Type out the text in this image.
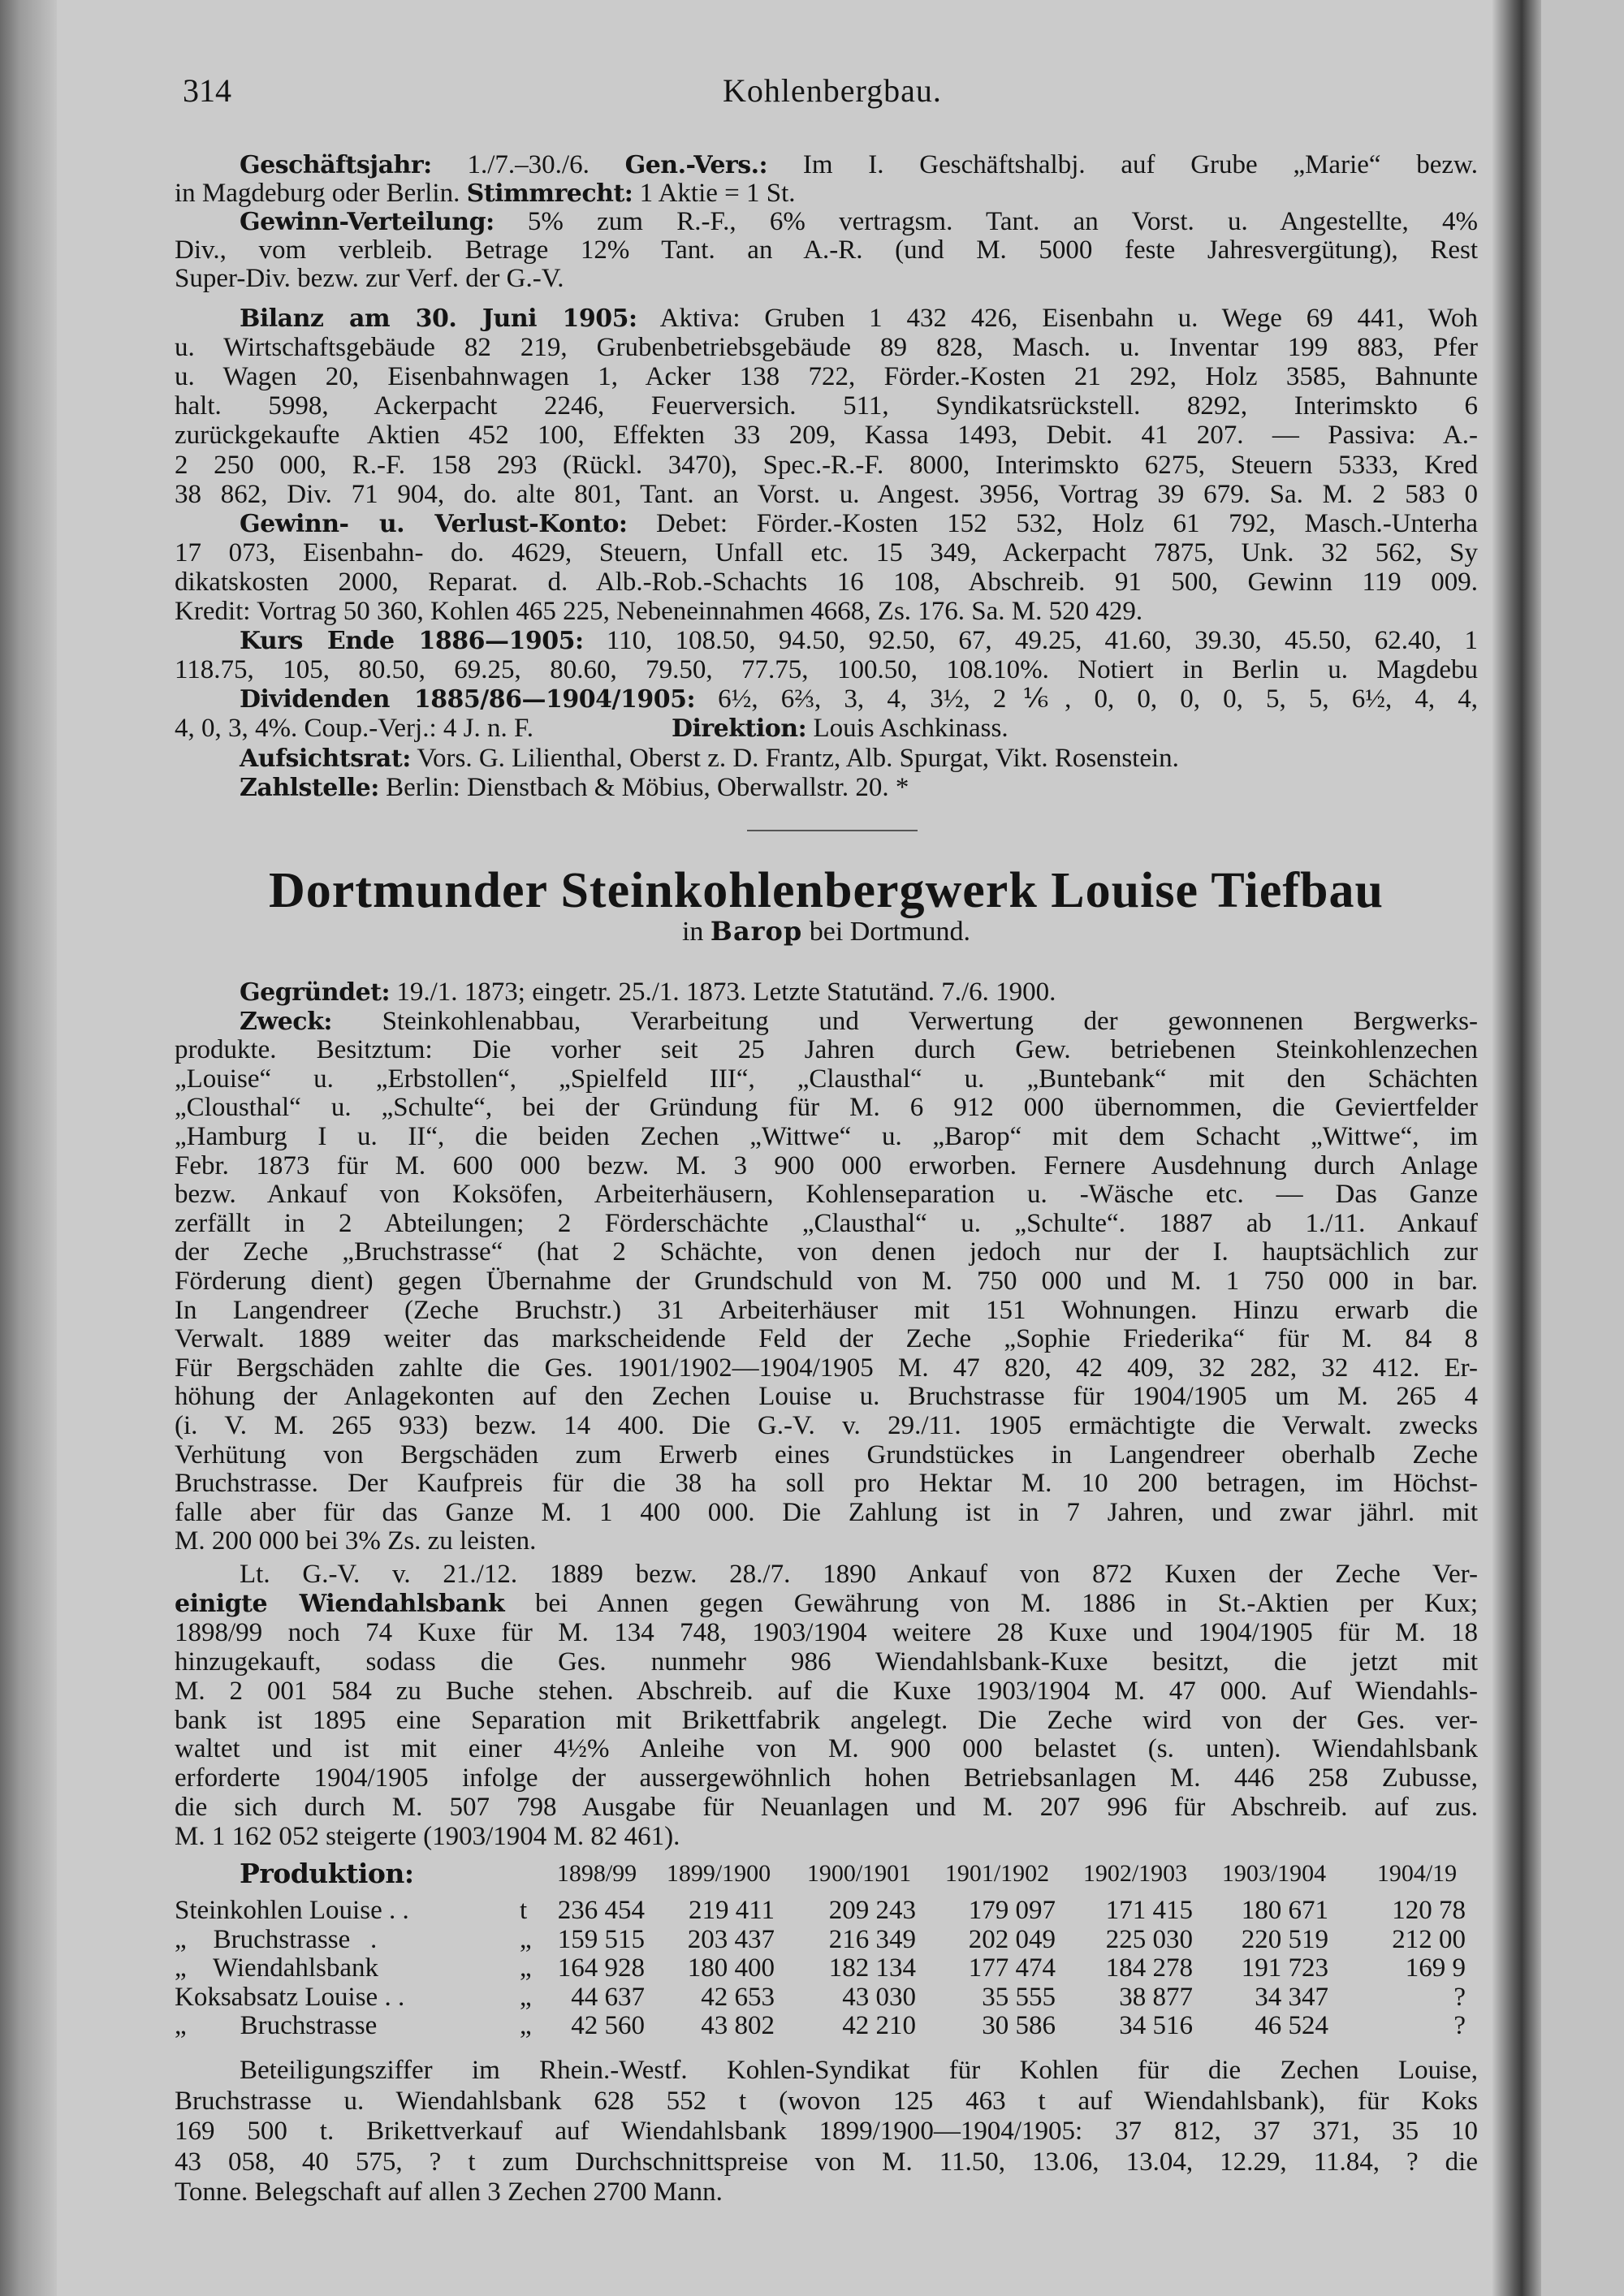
314	Kohlenbergbau.
Geschäftsjahr: 1./7.–30./6. Gen.-Vers.: Im I. Geschäftshalbj. auf Grube „Marie“ bezw.
in Magdeburg oder Berlin. Stimmrecht: 1 Aktie = 1 St.
Gewinn-Verteilung: 5% zum R.-F., 6% vertragsm. Tant. an Vorst. u. Angestellte, 4%
Div., vom verbleib. Betrage 12% Tant. an A.-R. (und M. 5000 feste Jahresvergütung), Rest
Super-Div. bezw. zur Verf. der G.-V.
Bilanz am 30. Juni 1905: Aktiva: Gruben 1 432 426, Eisenbahn u. Wege 69 441, Woh
u. Wirtschaftsgebäude 82 219, Grubenbetriebsgebäude 89 828, Masch. u. Inventar 199 883, Pfer
u. Wagen 20, Eisenbahnwagen 1, Acker 138 722, Förder.-Kosten 21 292, Holz 3585, Bahnunte
halt. 5998, Ackerpacht 2246, Feuerversich. 511, Syndikatsrückstell. 8292, Interimskto 6
zurückgekaufte Aktien 452 100, Effekten 33 209, Kassa 1493, Debit. 41 207. — Passiva: A.-
2 250 000, R.-F. 158 293 (Rückl. 3470), Spec.-R.-F. 8000, Interimskto 6275, Steuern 5333, Kred
38 862, Div. 71 904, do. alte 801, Tant. an Vorst. u. Angest. 3956, Vortrag 39 679. Sa. M. 2 583 0
Gewinn- u. Verlust-Konto: Debet: Förder.-Kosten 152 532, Holz 61 792, Masch.-Unterha
17 073, Eisenbahn- do. 4629, Steuern, Unfall etc. 15 349, Ackerpacht 7875, Unk. 32 562, Sy
dikatskosten 2000, Reparat. d. Alb.-Rob.-Schachts 16 108, Abschreib. 91 500, Gewinn 119 009.
Kredit: Vortrag 50 360, Kohlen 465 225, Nebeneinnahmen 4668, Zs. 176. Sa. M. 520 429.
Kurs Ende 1886—1905: 110, 108.50, 94.50, 92.50, 67, 49.25, 41.60, 39.30, 45.50, 62.40, 1
118.75, 105, 80.50, 69.25, 80.60, 79.50, 77.75, 100.50, 108.10%. Notiert in Berlin u. Magdebu
Dividenden 1885/86—1904/1905: 6½, 6⅔, 3, 4, 3½, 2⅙, 0, 0, 0, 0, 5, 5, 6½, 4, 4,
4, 0, 3, 4%. Coup.-Verj.: 4 J. n. F.	Direktion: Louis Aschkinass.
Aufsichtsrat: Vors. G. Lilienthal, Oberst z. D. Frantz, Alb. Spurgat, Vikt. Rosenstein.
Zahlstelle: Berlin: Dienstbach & Möbius, Oberwallstr. 20. *
Dortmunder Steinkohlenbergwerk Louise Tiefbau
in Barop bei Dortmund.
Gegründet: 19./1. 1873; eingetr. 25./1. 1873. Letzte Statutänd. 7./6. 1900.
Zweck: Steinkohlenabbau, Verarbeitung und Verwertung der gewonnenen Bergwerks-
produkte. Besitztum: Die vorher seit 25 Jahren durch Gew. betriebenen Steinkohlenzechen
„Louise“ u. „Erbstollen“, „Spielfeld III“, „Clausthal“ u. „Buntebank“ mit den Schächten
„Clousthal“ u. „Schulte“, bei der Gründung für M. 6 912 000 übernommen, die Geviertfelder
„Hamburg I u. II“, die beiden Zechen „Wittwe“ u. „Barop“ mit dem Schacht „Wittwe“, im
Febr. 1873 für M. 600 000 bezw. M. 3 900 000 erworben. Fernere Ausdehnung durch Anlage
bezw. Ankauf von Koksöfen, Arbeiterhäusern, Kohlenseparation u. -Wäsche etc. — Das Ganze
zerfällt in 2 Abteilungen; 2 Förderschächte „Clausthal“ u. „Schulte“. 1887 ab 1./11. Ankauf
der Zeche „Bruchstrasse“ (hat 2 Schächte, von denen jedoch nur der I. hauptsächlich zur
Förderung dient) gegen Übernahme der Grundschuld von M. 750 000 und M. 1 750 000 in bar.
In Langendreer (Zeche Bruchstr.) 31 Arbeiterhäuser mit 151 Wohnungen. Hinzu erwarb die
Verwalt. 1889 weiter das markscheidende Feld der Zeche „Sophie Friederika“ für M. 84 8
Für Bergschäden zahlte die Ges. 1901/1902—1904/1905 M. 47 820, 42 409, 32 282, 32 412. Er-
höhung der Anlagekonten auf den Zechen Louise u. Bruchstrasse für 1904/1905 um M. 265 4
(i. V. M. 265 933) bezw. 14 400. Die G.-V. v. 29./11. 1905 ermächtigte die Verwalt. zwecks
Verhütung von Bergschäden zum Erwerb eines Grundstückes in Langendreer oberhalb Zeche
Bruchstrasse. Der Kaufpreis für die 38 ha soll pro Hektar M. 10 200 betragen, im Höchst-
falle aber für das Ganze M. 1 400 000. Die Zahlung ist in 7 Jahren, und zwar jährl. mit
M. 200 000 bei 3% Zs. zu leisten.
Lt. G.-V. v. 21./12. 1889 bezw. 28./7. 1890 Ankauf von 872 Kuxen der Zeche Ver-
einigte Wiendahlsbank bei Annen gegen Gewährung von M. 1886 in St.-Aktien per Kux;
1898/99 noch 74 Kuxe für M. 134 748, 1903/1904 weitere 28 Kuxe und 1904/1905 für M. 18
hinzugekauft, sodass die Ges. nunmehr 986 Wiendahlsbank-Kuxe besitzt, die jetzt mit
M. 2 001 584 zu Buche stehen. Abschreib. auf die Kuxe 1903/1904 M. 47 000. Auf Wiendahls-
bank ist 1895 eine Separation mit Brikettfabrik angelegt. Die Zeche wird von der Ges. ver-
waltet und ist mit einer 4½% Anleihe von M. 900 000 belastet (s. unten). Wiendahlsbank
erforderte 1904/1905 infolge der aussergewöhnlich hohen Betriebsanlagen M. 446 258 Zubusse,
die sich durch M. 507 798 Ausgabe für Neuanlagen und M. 207 996 für Abschreib. auf zus.
M. 1 162 052 steigerte (1903/1904 M. 82 461).
Produktion:	1898/99	1899/1900	1900/1901	1901/1902	1902/1903	1903/1904	1904/19
Steinkohlen Louise . .	t	236 454	219 411	209 243	179 097	171 415	180 671	120 78
„    Bruchstrasse   .	„ 159 515	203 437	216 349	202 049	225 030	220 519	212 00
„    Wiendahlsbank	„ 164 928	180 400	182 134	177 474	184 278	191 723	169 9
Koksabsatz Louise . .	„	44 637	42 653	43 030	35 555	38 877	34 347	?
„        Bruchstrasse	„	42 560	43 802	42 210	30 586	34 516	46 524	?
Beteiligungsziffer im Rhein.-Westf. Kohlen-Syndikat für Kohlen für die Zechen Louise,
Bruchstrasse u. Wiendahlsbank 628 552 t (wovon 125 463 t auf Wiendahlsbank), für Koks
169 500 t. Brikettverkauf auf Wiendahlsbank 1899/1900—1904/1905: 37 812, 37 371, 35 10
43 058, 40 575, ? t zum Durchschnittspreise von M. 11.50, 13.06, 13.04, 12.29, 11.84, ? die
Tonne. Belegschaft auf allen 3 Zechen 2700 Mann.
